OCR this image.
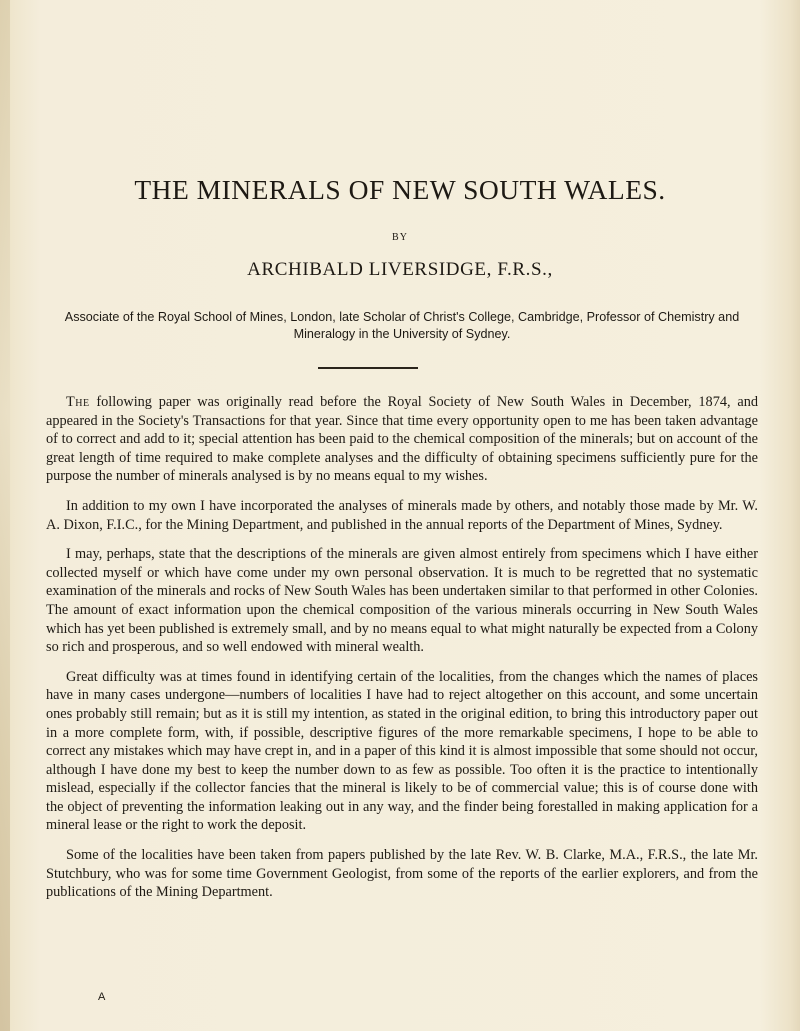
THE MINERALS OF NEW SOUTH WALES.
BY
ARCHIBALD LIVERSIDGE, F.R.S.,
Associate of the Royal School of Mines, London, late Scholar of Christ's College, Cambridge, Professor of Chemistry and Mineralogy in the University of Sydney.

The following paper was originally read before the Royal Society of New South Wales in December, 1874, and appeared in the Society's Transactions for that year. Since that time every opportunity open to me has been taken advantage of to correct and add to it; special attention has been paid to the chemical composition of the minerals; but on account of the great length of time required to make complete analyses and the difficulty of obtaining specimens sufficiently pure for the purpose the number of minerals analysed is by no means equal to my wishes.

In addition to my own I have incorporated the analyses of minerals made by others, and notably those made by Mr. W. A. Dixon, F.I.C., for the Mining Department, and published in the annual reports of the Department of Mines, Sydney.

I may, perhaps, state that the descriptions of the minerals are given almost entirely from specimens which I have either collected myself or which have come under my own personal observation. It is much to be regretted that no systematic examination of the minerals and rocks of New South Wales has been undertaken similar to that performed in other Colonies. The amount of exact information upon the chemical composition of the various minerals occurring in New South Wales which has yet been published is extremely small, and by no means equal to what might naturally be expected from a Colony so rich and prosperous, and so well endowed with mineral wealth.

Great difficulty was at times found in identifying certain of the localities, from the changes which the names of places have in many cases undergone—numbers of localities I have had to reject altogether on this account, and some uncertain ones probably still remain; but as it is still my intention, as stated in the original edition, to bring this introductory paper out in a more complete form, with, if possible, descriptive figures of the more remarkable specimens, I hope to be able to correct any mistakes which may have crept in, and in a paper of this kind it is almost impossible that some should not occur, although I have done my best to keep the number down to as few as possible. Too often it is the practice to intentionally mislead, especially if the collector fancies that the mineral is likely to be of commercial value; this is of course done with the object of preventing the information leaking out in any way, and the finder being forestalled in making application for a mineral lease or the right to work the deposit.

Some of the localities have been taken from papers published by the late Rev. W. B. Clarke, M.A., F.R.S., the late Mr. Stutchbury, who was for some time Government Geologist, from some of the reports of the earlier explorers, and from the publications of the Mining Department.

A
